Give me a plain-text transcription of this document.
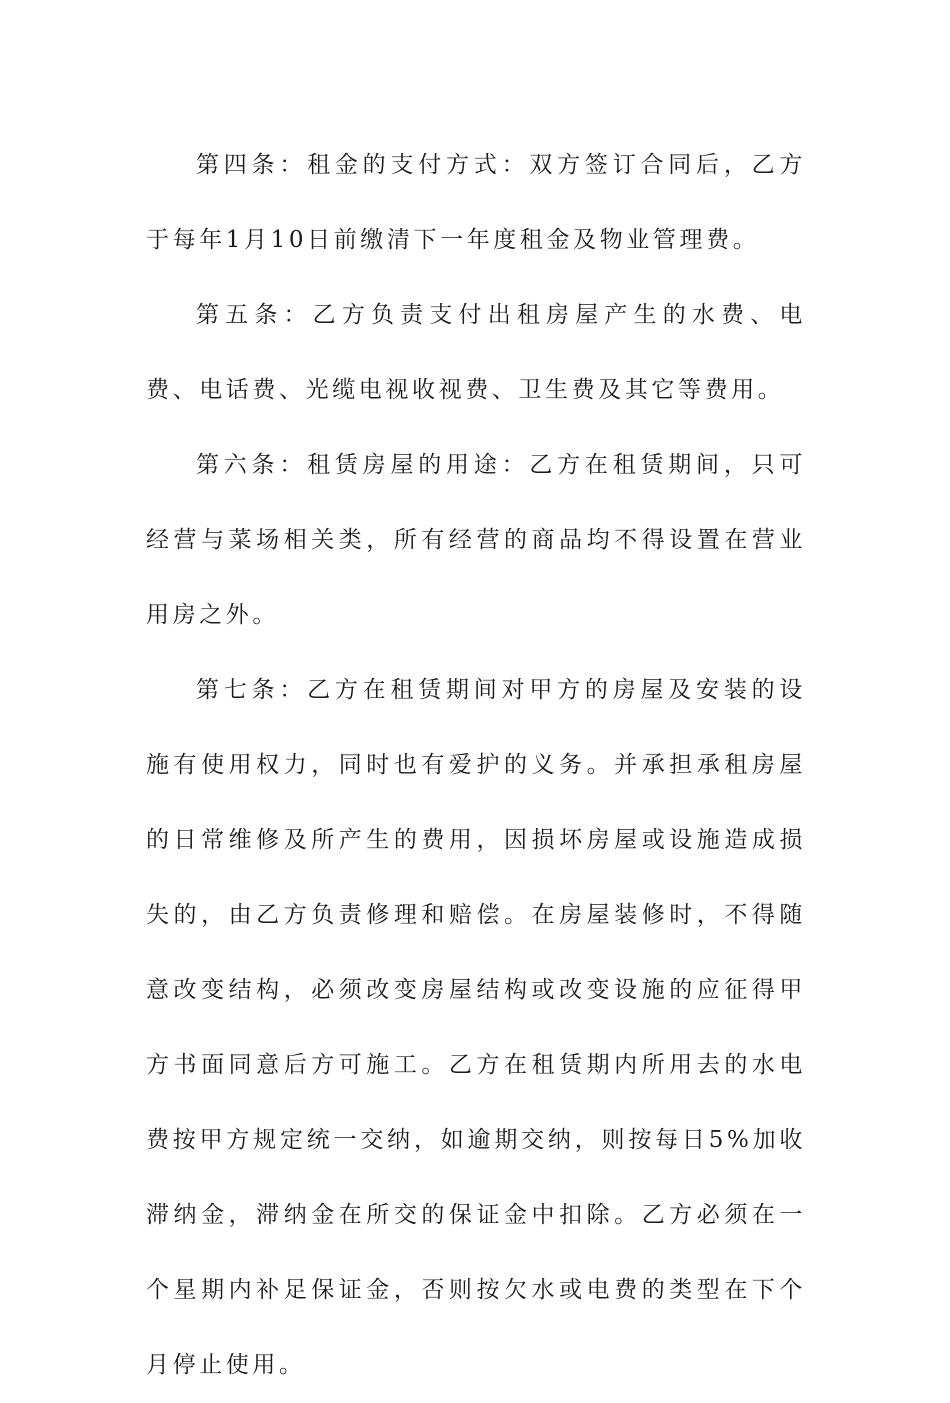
第四条：租金的支付方式：双方签订合同后，乙方于每年1月10日前缴清下一年度租金及物业管理费。

第五条：乙方负责支付出租房屋产生的水费、电费、电话费、光缆电视收视费、卫生费及其它等费用。

第六条：租赁房屋的用途：乙方在租赁期间，只可经营与菜场相关类，所有经营的商品均不得设置在营业用房之外。

第七条：乙方在租赁期间对甲方的房屋及安装的设施有使用权力，同时也有爱护的义务。并承担承租房屋的日常维修及所产生的费用，因损坏房屋或设施造成损失的，由乙方负责修理和赔偿。在房屋装修时，不得随意改变结构，必须改变房屋结构或改变设施的应征得甲方书面同意后方可施工。乙方在租赁期内所用去的水电费按甲方规定统一交纳，如逾期交纳，则按每日5%加收滞纳金，滞纳金在所交的保证金中扣除。乙方必须在一个星期内补足保证金，否则按欠水或电费的类型在下个月停止使用。
